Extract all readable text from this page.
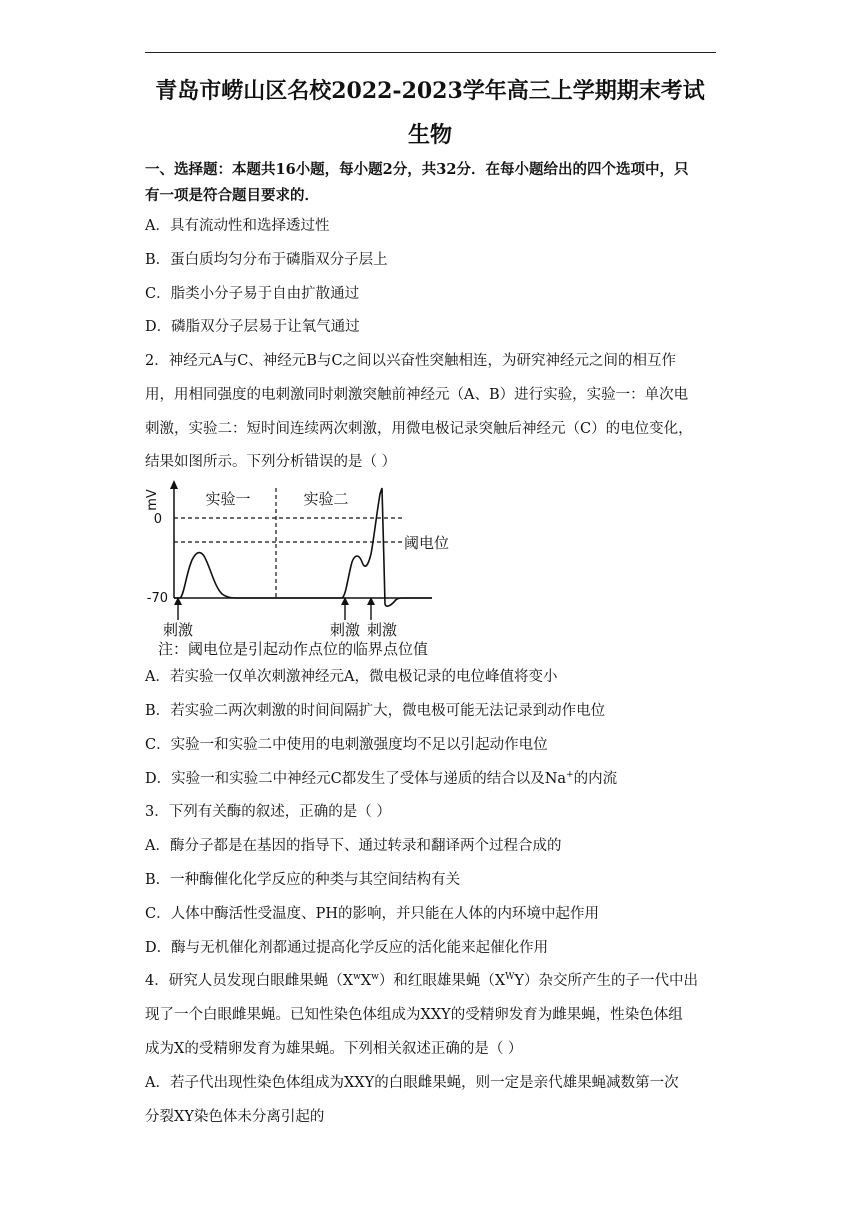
青岛市崂山区名校2022-2023学年高三上学期期末考试
生物
一、选择题：本题共16小题，每小题2分，共32分．在每小题给出的四个选项中，只
有一项是符合题目要求的．
A．具有流动性和选择透过性
B．蛋白质均匀分布于磷脂双分子层上
C．脂类小分子易于自由扩散通过
D．磷脂双分子层易于让氧气通过
2．神经元A与C、神经元B与C之间以兴奋性突触相连，为研究神经元之间的相互作
用，用相同强度的电刺激同时刺激突触前神经元（A、B）进行实验，实验一：单次电
刺激，实验二：短时间连续两次刺激，用微电极记录突触后神经元（C）的电位变化，
结果如图所示。下列分析错误的是（ ）
mV	实验一	实验二
0
阈电位
-70
刺激	刺激 刺激
注：阈电位是引起动作点位的临界点位值
A．若实验一仅单次刺激神经元A，微电极记录的电位峰值将变小
B．若实验二两次刺激的时间间隔扩大，微电极可能无法记录到动作电位
C．实验一和实验二中使用的电刺激强度均不足以引起动作电位
D．实验一和实验二中神经元C都发生了受体与递质的结合以及Na+的内流
3．下列有关酶的叙述，正确的是（ ）
A．酶分子都是在基因的指导下、通过转录和翻译两个过程合成的
B．一种酶催化化学反应的种类与其空间结构有关
C．人体中酶活性受温度、PH的影响，并只能在人体的内环境中起作用
D．酶与无机催化剂都通过提高化学反应的活化能来起催化作用
4．研究人员发现白眼雌果蝇$(X^wX^w)$和红眼雄果蝇$(X^WY)$杂交所产生的子一代中出
现了一个白眼雌果蝇。已知性染色体组成为XXY的受精卵发育为雌果蝇，性染色体组
成为X的受精卵发育为雄果蝇。下列相关叙述正确的是（ ）
A．若子代出现性染色体组成为XXY的白眼雌果蝇，则一定是亲代雄果蝇减数第一次
分裂XY染色体未分离引起的
